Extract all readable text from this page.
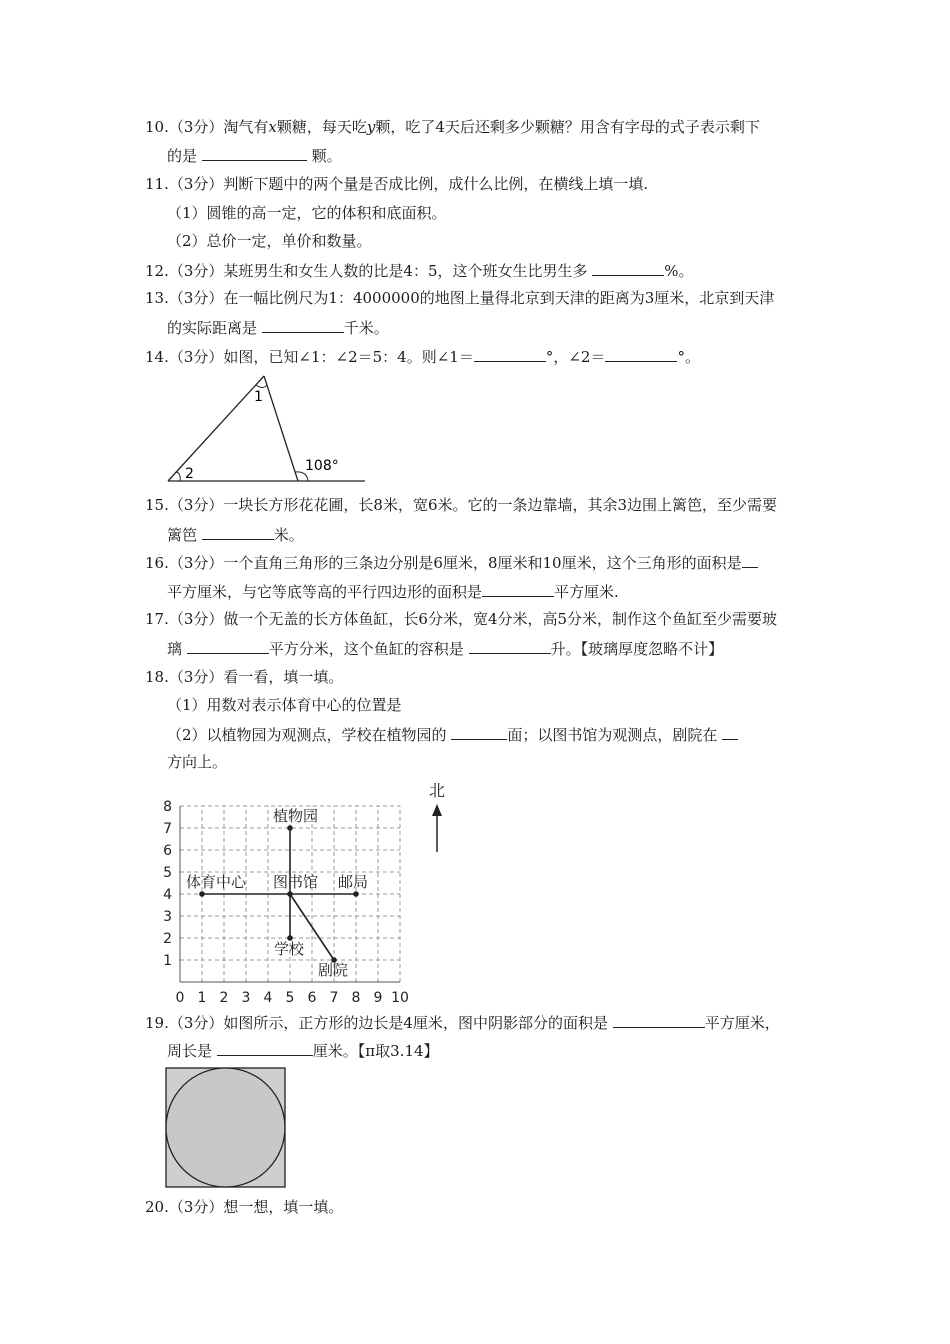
10.（3分）淘气有x颗糖，每天吃y颗，吃了4天后还剩多少颗糖？用含有字母的式子表示剩下
的是	颗。
11.（3分）判断下题中的两个量是否成比例，成什么比例，在横线上填一填.
（1）圆锥的高一定，它的体积和底面积。
（2）总价一定，单价和数量。
12.（3分）某班男生和女生人数的比是4：5，这个班女生比男生多	%。
13.（3分）在一幅比例尺为1：4000000的地图上量得北京到天津的距离为3厘米，北京到天津
的实际距离是	千米。
14.（3分）如图，已知∠1：∠2＝5：4。则∠1＝	°，∠2＝	°。
1
2	108°
15.（3分）一块长方形花花圃，长8米，宽6米。它的一条边靠墙，其余3边围上篱笆，至少需要
篱笆	米。
16.（3分）一个直角三角形的三条边分别是6厘米，8厘米和10厘米，这个三角形的面积是
平方厘米，与它等底等高的平行四边形的面积是	平方厘米.
17.（3分）做一个无盖的长方体鱼缸，长6分米，宽4分米，高5分米，制作这个鱼缸至少需要玻
璃	平方分米，这个鱼缸的容积是	升。【玻璃厚度忽略不计】
18.（3分）看一看，填一填。
（1）用数对表示体育中心的位置是
（2）以植物园为观测点，学校在植物园的	面；以图书馆为观测点，剧院在
方向上。
0 1 2 3 4 5 6 7 8 9 10
1
2
3
4
5
6
7
8	植物园
体育中心 图书馆 邮局
学校
剧院
北
19.（3分）如图所示，正方形的边长是4厘米，图中阴影部分的面积是	平方厘米，
周长是	厘米。【π取3.14】
20.（3分）想一想，填一填。
